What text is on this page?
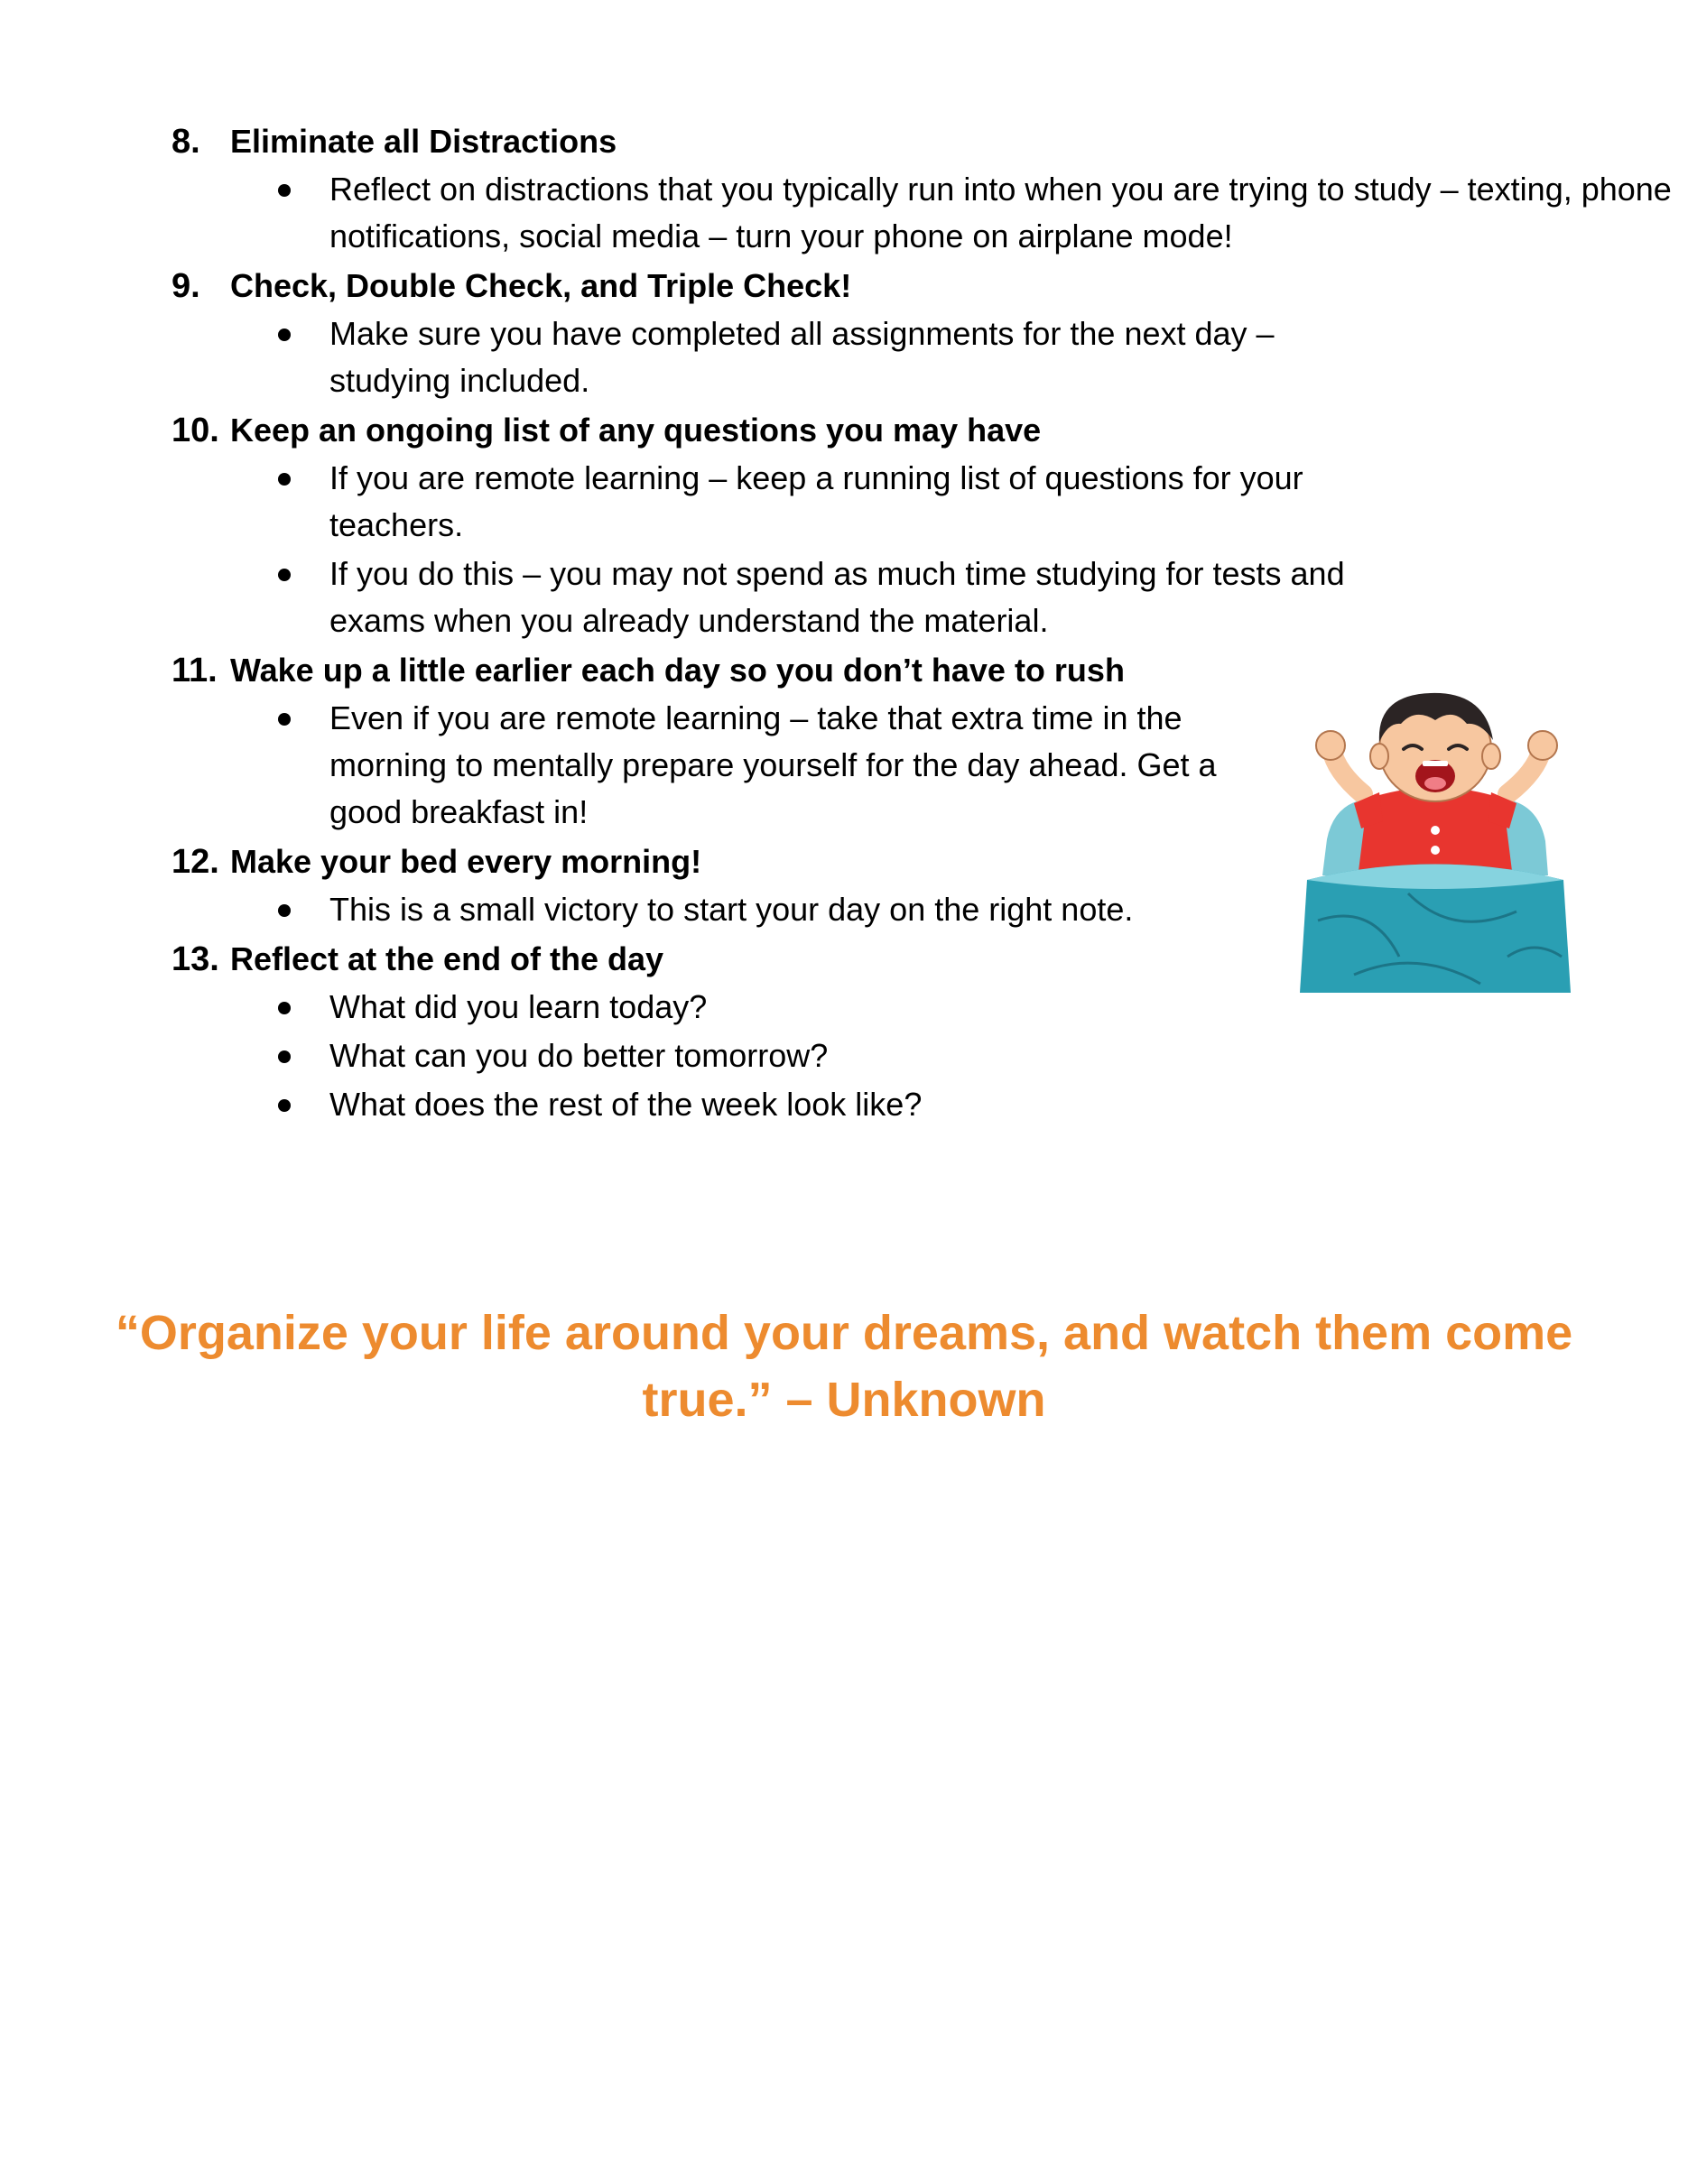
8. Eliminate all Distractions
Reflect on distractions that you typically run into when you are trying to study – texting, phone notifications, social media – turn your phone on airplane mode!
9. Check, Double Check, and Triple Check!
Make sure you have completed all assignments for the next day – studying included.
10. Keep an ongoing list of any questions you may have
If you are remote learning – keep a running list of questions for your teachers.
If you do this – you may not spend as much time studying for tests and exams when you already understand the material.
11. Wake up a little earlier each day so you don’t have to rush
Even if you are remote learning – take that extra time in the morning to mentally prepare yourself for the day ahead. Get a good breakfast in!
12. Make your bed every morning!
This is a small victory to start your day on the right note.
13. Reflect at the end of the day
What did you learn today?
What can you do better tomorrow?
What does the rest of the week look like?
“Organize your life around your dreams, and watch them come true.” – Unknown
